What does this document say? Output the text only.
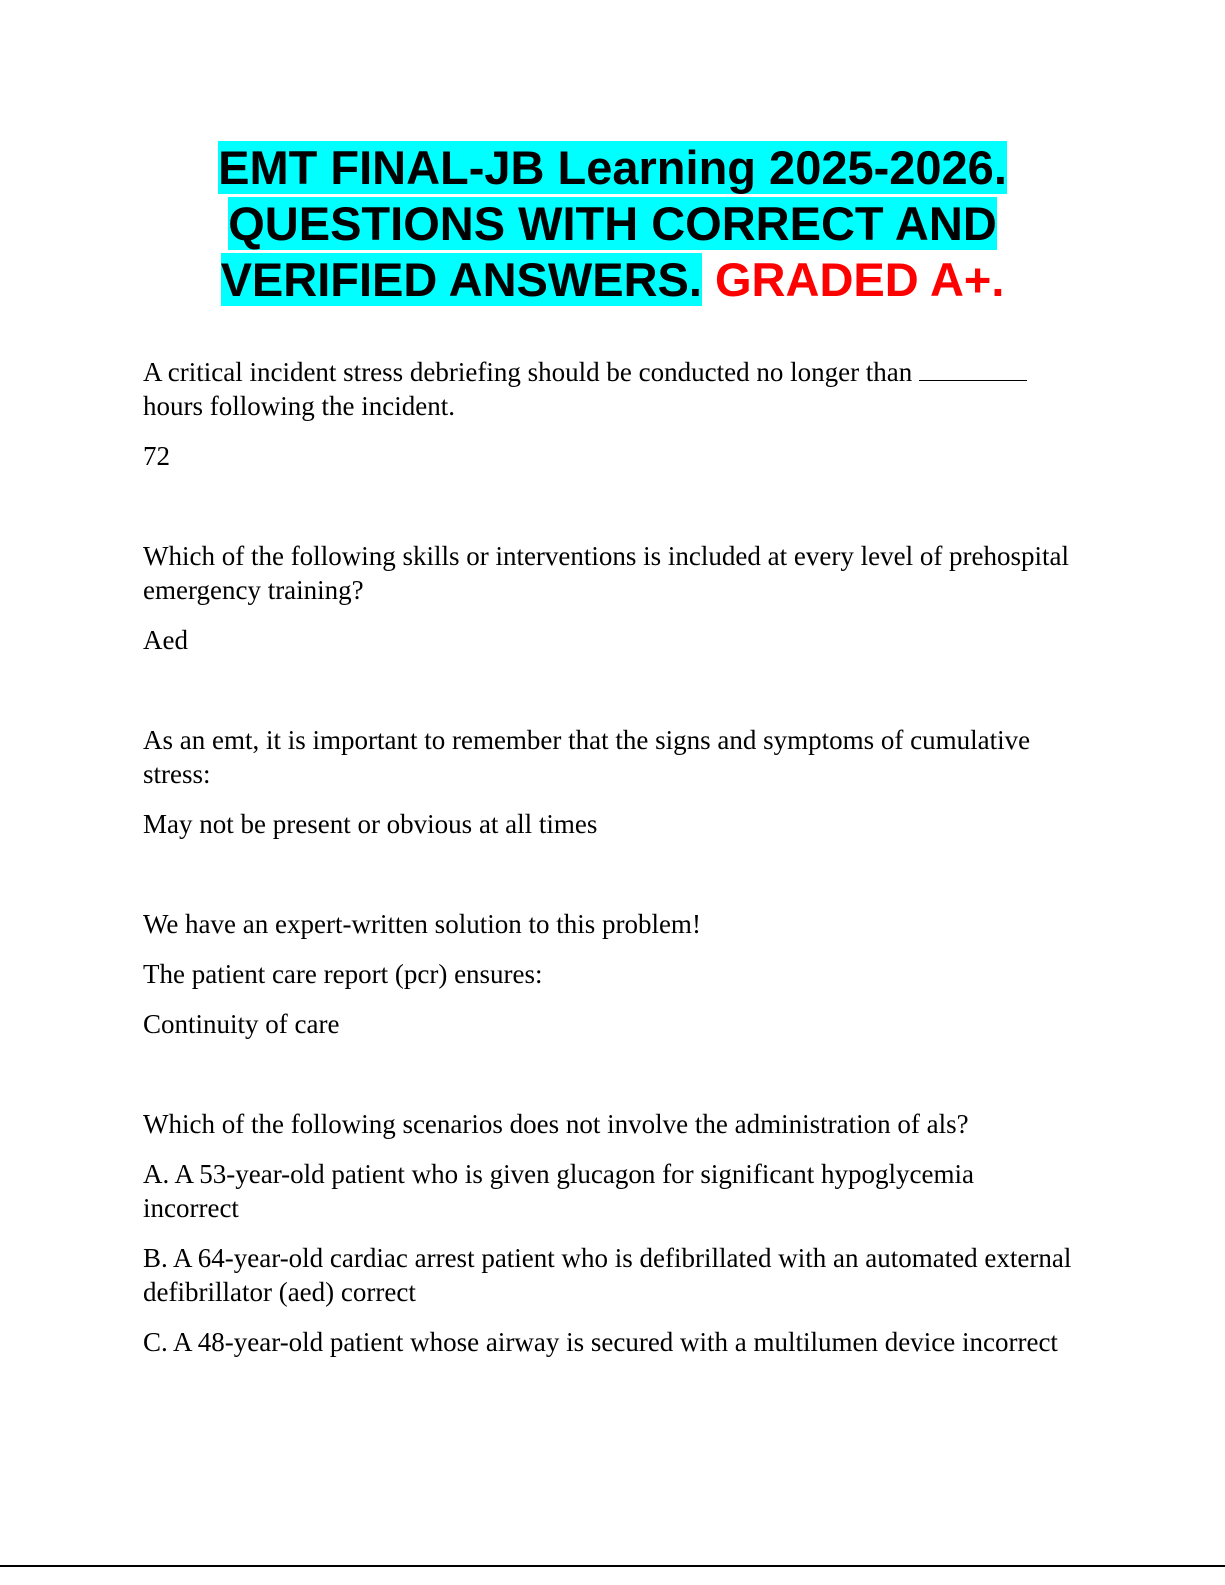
EMT FINAL-JB Learning 2025-2026.
QUESTIONS WITH CORRECT AND
VERIFIED ANSWERS. GRADED A+.

A critical incident stress debriefing should be conducted no longer than  hours following the incident.

72

Which of the following skills or interventions is included at every level of prehospital emergency training?

Aed

As an emt, it is important to remember that the signs and symptoms of cumulative stress:

May not be present or obvious at all times

We have an expert-written solution to this problem!

The patient care report (pcr) ensures:

Continuity of care

Which of the following scenarios does not involve the administration of als?

A. A 53-year-old patient who is given glucagon for significant hypoglycemia incorrect

B. A 64-year-old cardiac arrest patient who is defibrillated with an automated external defibrillator (aed) correct

C. A 48-year-old patient whose airway is secured with a multilumen device incorrect
